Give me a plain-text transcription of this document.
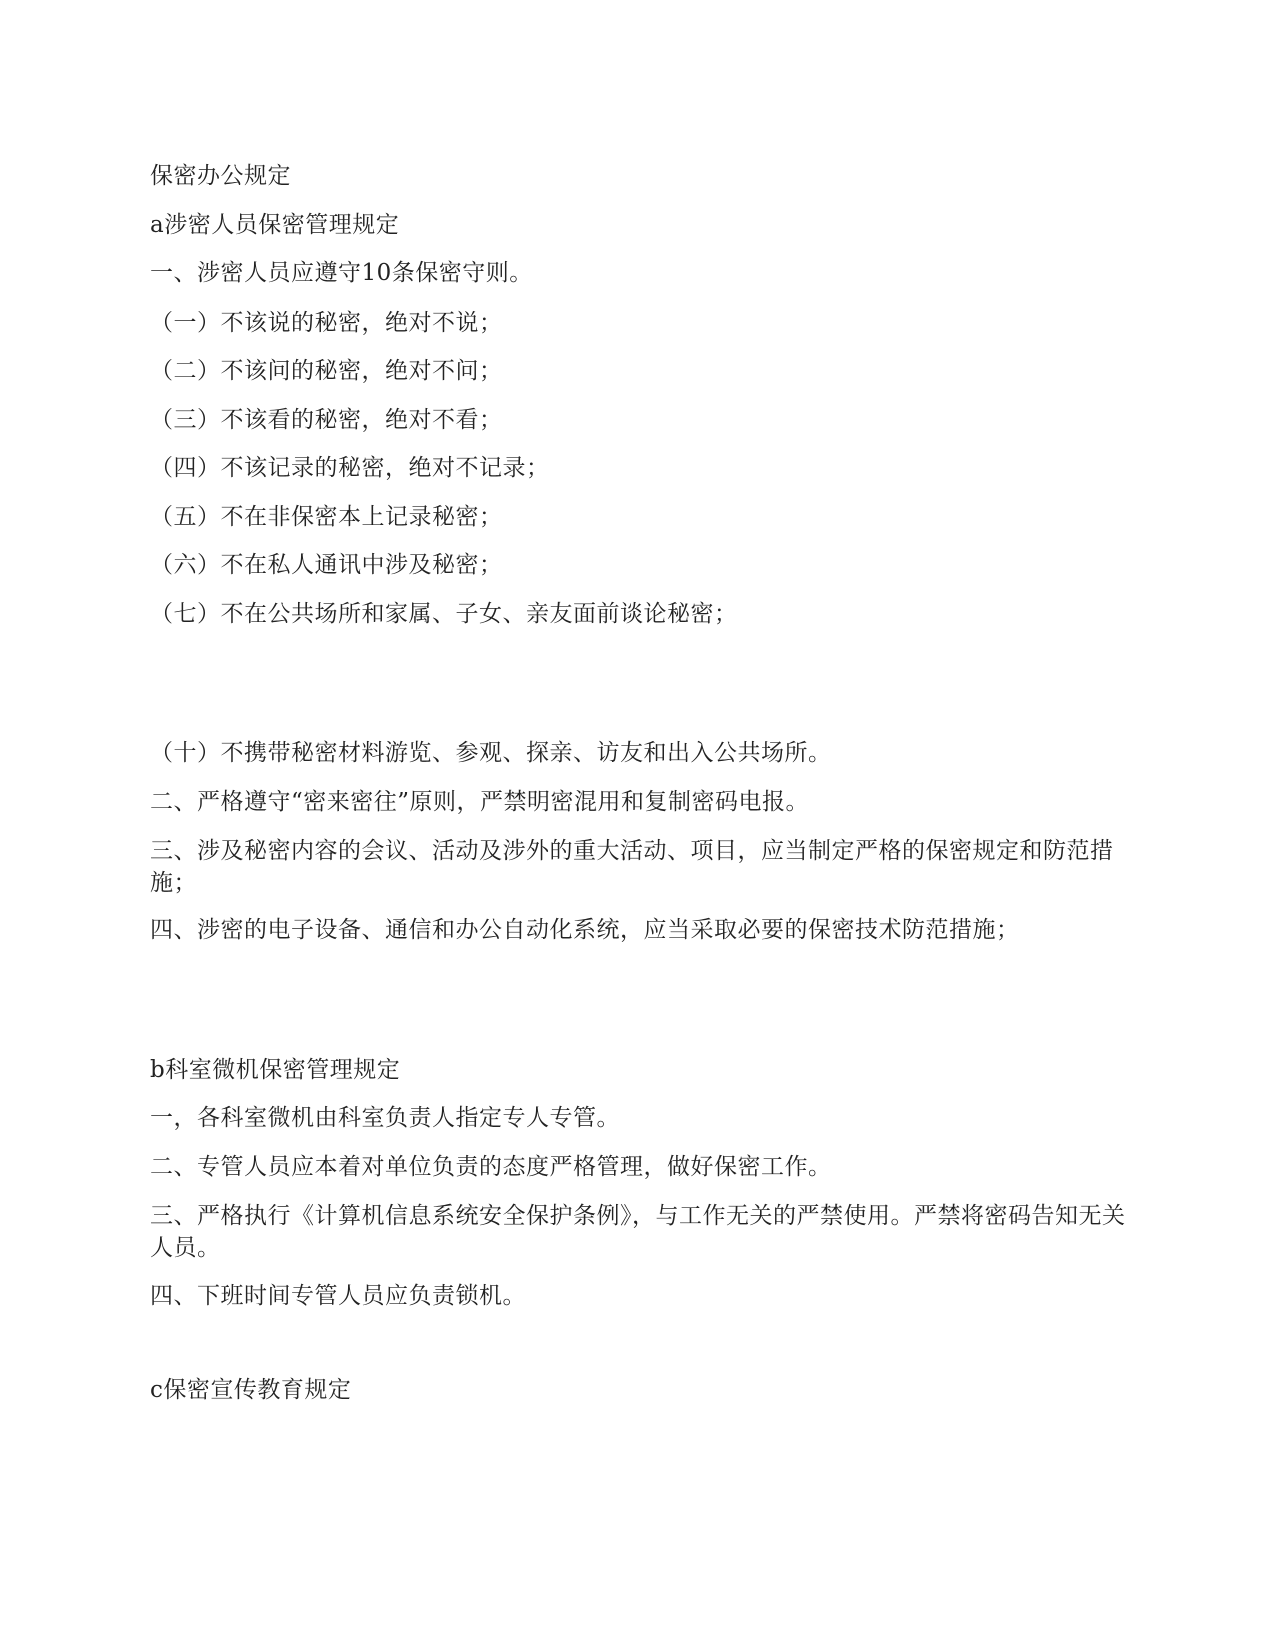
保密办公规定
a涉密人员保密管理规定
一、涉密人员应遵守10条保密守则。
（一）不该说的秘密，绝对不说；
（二）不该问的秘密，绝对不问；
（三）不该看的秘密，绝对不看；
（四）不该记录的秘密，绝对不记录；
（五）不在非保密本上记录秘密；
（六）不在私人通讯中涉及秘密；
（七）不在公共场所和家属、子女、亲友面前谈论秘密；
（十）不携带秘密材料游览、参观、探亲、访友和出入公共场所。
二、严格遵守“密来密往”原则，严禁明密混用和复制密码电报。
三、涉及秘密内容的会议、活动及涉外的重大活动、项目，应当制定严格的保密规定和防范措施；
四、涉密的电子设备、通信和办公自动化系统，应当采取必要的保密技术防范措施；
b科室微机保密管理规定
一，各科室微机由科室负责人指定专人专管。
二、专管人员应本着对单位负责的态度严格管理，做好保密工作。
三、严格执行《计算机信息系统安全保护条例》，与工作无关的严禁使用。严禁将密码告知无关人员。
四、下班时间专管人员应负责锁机。
c保密宣传教育规定
